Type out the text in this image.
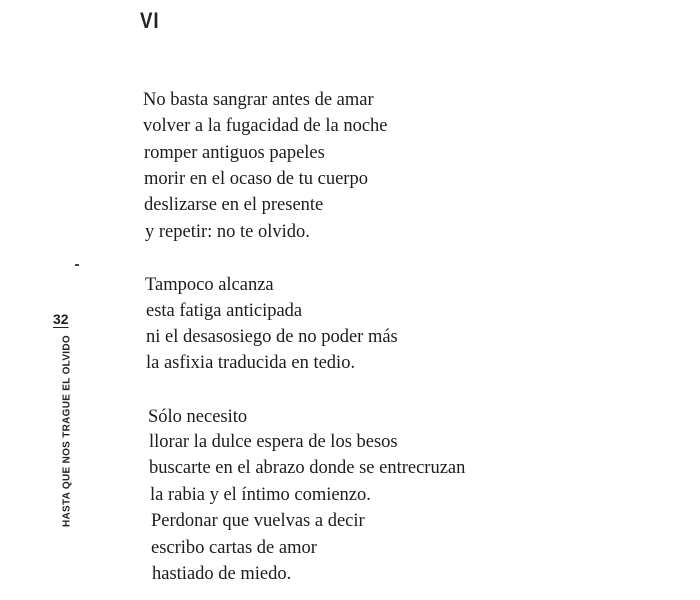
VI
32
HASTA QUE NOS TRAGUE EL OLVIDO
No basta sangrar antes de amar
volver a la fugacidad de la noche
romper antiguos papeles
morir en el ocaso de tu cuerpo
deslizarse en el presente
y repetir: no te olvido.
Tampoco alcanza
esta fatiga anticipada
ni el desasosiego de no poder más
la asfixia traducida en tedio.
Sólo necesito
llorar la dulce espera de los besos
buscarte en el abrazo donde se entrecruzan
la rabia y el íntimo comienzo.
Perdonar que vuelvas a decir
escribo cartas de amor
hastiado de miedo.
